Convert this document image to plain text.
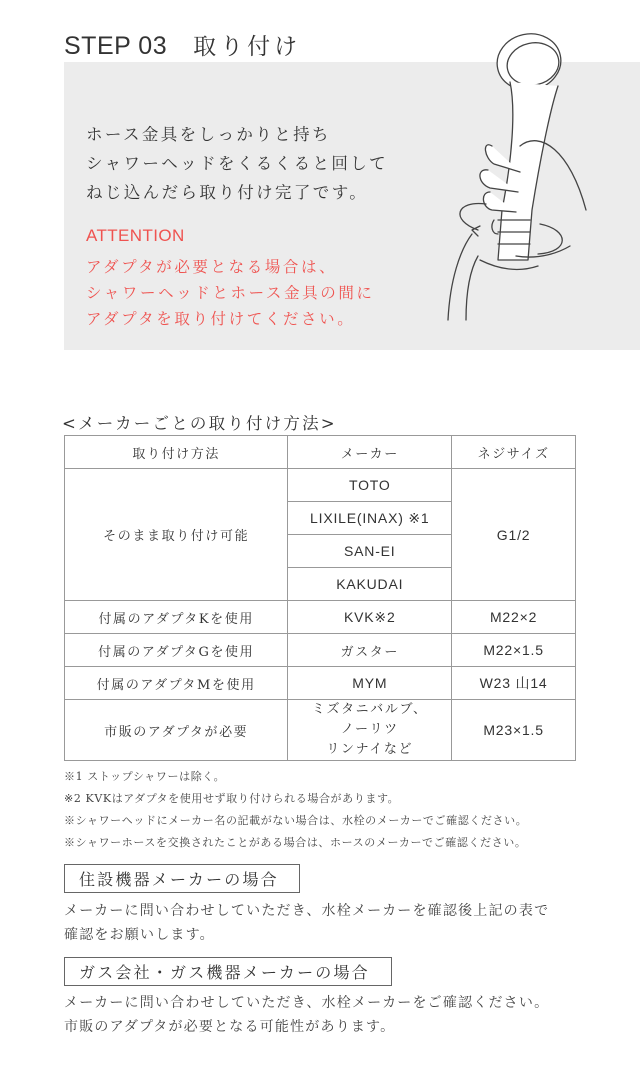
STEP 03 取り付け
ホース金具をしっかりと持ち
シャワーヘッドをくるくると回して
ねじ込んだら取り付け完了です。
ATTENTION
アダプタが必要となる場合は、
シャワーヘッドとホース金具の間に
アダプタを取り付けてください。
<メーカーごとの取り付け方法>
取り付け方法	メーカー	ネジサイズ
そのまま取り付け可能	TOTO	G1/2
	LIXILE(INAX) ※1	
	SAN-EI	
	KAKUDAI	
付属のアダプタKを使用	KVK※2	M22×2
付属のアダプタGを使用	ガスター	M22×1.5
付属のアダプタMを使用	MYM	W23 山14
市販のアダプタが必要	ミズタニバルブ、
ノーリツ
リンナイなど	M23×1.5
※1 ストップシャワーは除く。
※2 KVKはアダプタを使用せず取り付けられる場合があります。
※シャワーヘッドにメーカー名の記載がない場合は、水栓のメーカーでご確認ください。
※シャワーホースを交換されたことがある場合は、ホースのメーカーでご確認ください。
住設機器メーカーの場合
メーカーに問い合わせしていただき、水栓メーカーを確認後上記の表で
確認をお願いします。
ガス会社・ガス機器メーカーの場合
メーカーに問い合わせしていただき、水栓メーカーをご確認ください。
市販のアダプタが必要となる可能性があります。
